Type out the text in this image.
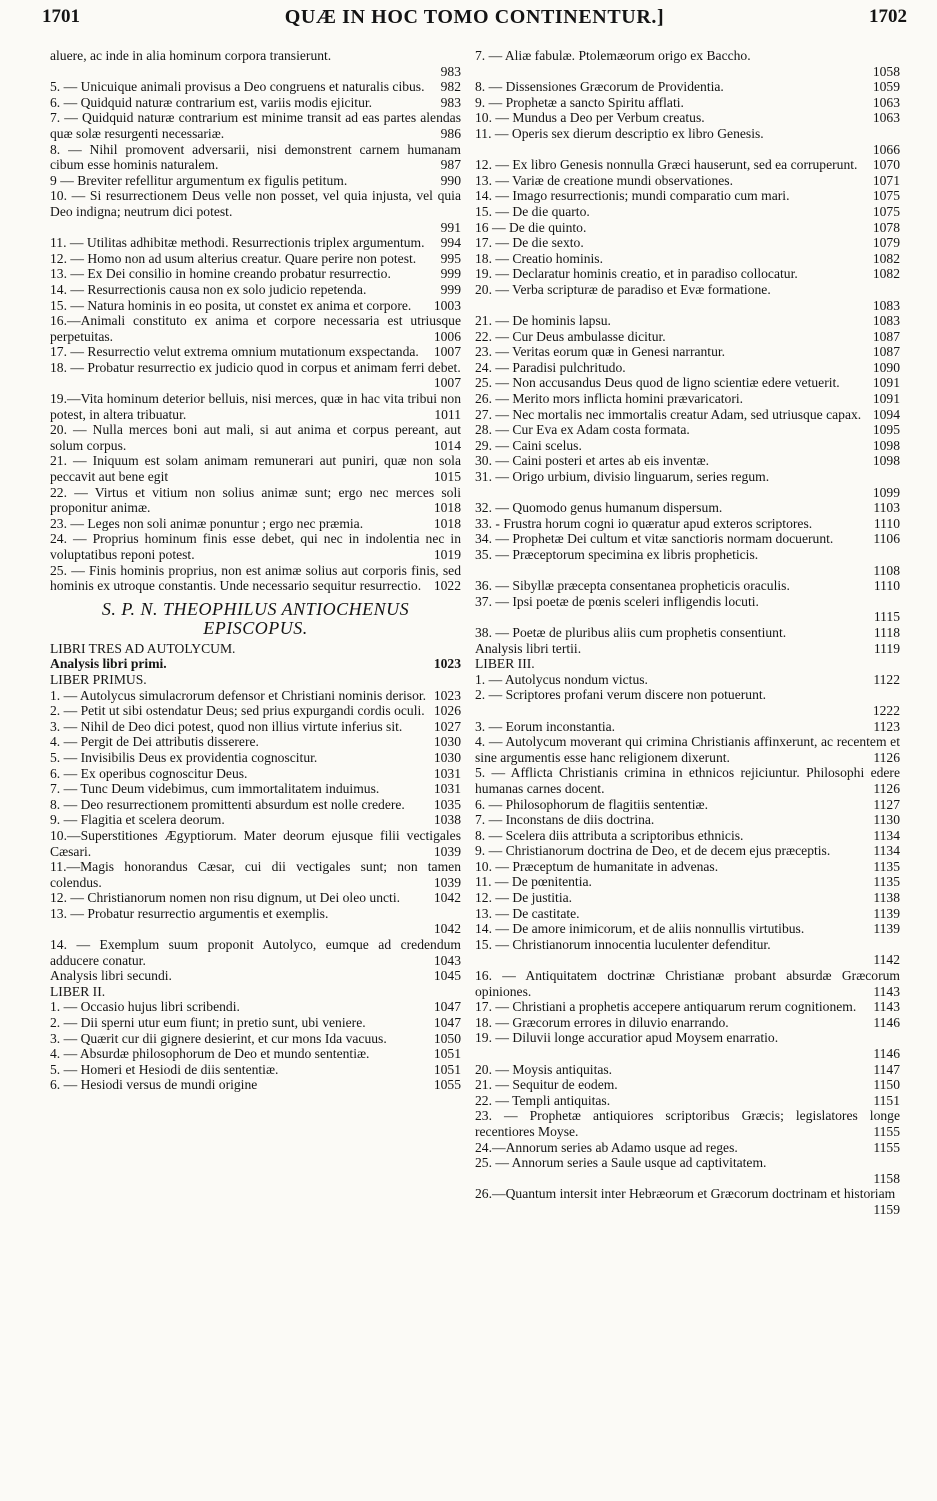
1701	QUÆ IN HOC TOMO CONTINENTUR.]	1702
aluere, ac inde in alia hominum corpora transierunt.
983
5. — Unicuique animali provisus a Deo congruens et naturalis cibus.	982
6. — Quidquid naturæ contrarium est, variis modis ejicitur.	983
7. — Quidquid naturæ contrarium est minime transit ad eas partes alendas quæ solæ resurgenti necessariæ.	986
8. — Nihil promovent adversarii, nisi demonstrent carnem humanam cibum esse hominis naturalem.	987
9 — Breviter refellitur argumentum ex figulis petitum.	990
10. — Si resurrectionem Deus velle non posset, vel quia injusta, vel quia Deo indigna; neutrum dici potest.
991
11. — Utilitas adhibitæ methodi. Resurrectionis triplex argumentum.	994
12. — Homo non ad usum alterius creatur. Quare perire non potest.	995
13. — Ex Dei consilio in homine creando probatur resurrectio.	999
14. — Resurrectionis causa non ex solo judicio repetenda.	999
15. — Natura hominis in eo posita, ut constet ex anima et corpore.	1003
16.—Animali constituto ex anima et corpore necessaria est utriusque perpetuitas.	1006
17. — Resurrectio velut extrema omnium mutationum exspectanda.	1007
18. — Probatur resurrectio ex judicio quod in corpus et animam ferri debet.
1007
19.—Vita hominum deterior belluis, nisi merces, quæ in hac vita tribui non potest, in altera tribuatur.	1011
20. — Nulla merces boni aut mali, si aut anima et corpus pereant, aut solum corpus.	1014
21. — Iniquum est solam animam remunerari aut puniri, quæ non sola peccavit aut bene egit	1015
22. — Virtus et vitium non solius animæ sunt; ergo nec merces soli proponitur animæ.	1018
23. — Leges non soli animæ ponuntur ; ergo nec præmia.	1018
24. — Proprius hominum finis esse debet, qui nec in indolentia nec in voluptatibus reponi potest.	1019
25. — Finis hominis proprius, non est animæ solius aut corporis finis, sed hominis ex utroque constantis. Unde necessario sequitur resurrectio. 1022
S. P. N. THEOPHILUS ANTIOCHENUS EPISCOPUS.
LIBRI TRES AD AUTOLYCUM.
Analysis libri primi.	1023
LIBER PRIMUS.
1. — Autolycus simulacrorum defensor et Christiani nominis derisor. 1023
2. — Petit ut sibi ostendatur Deus; sed prius expurgandi cordis oculi. 1026
3. — Nihil de Deo dici potest, quod non illius virtute inferius sit.	1027
4. — Pergit de Dei attributis disserere.	1030
5. — Invisibilis Deus ex providentia cognoscitur.	1030
6. — Ex operibus cognoscitur Deus.	1031
7. — Tunc Deum videbimus, cum immortalitatem induimus.	1031
8. — Deo resurrectionem promittenti absurdum est nolle credere.	1035
9. — Flagitia et scelera deorum.	1038
10.—Superstitiones Ægyptiorum. Mater deorum ejusque filii vectigales Cæsari.	1039
11.—Magis honorandus Cæsar, cui dii vectigales sunt; non tamen colendus.	1039
12. — Christianorum nomen non risu dignum, ut Dei oleo uncti.	1042
13. — Probatur resurrectio argumentis et exemplis.
1042
14. — Exemplum suum proponit Autolyco, eumque ad credendum adducere conatur.	1043
Analysis libri secundi.	1045
LIBER II.
1. — Occasio hujus libri scribendi.	1047
2. — Dii sperni utur eum fiunt; in pretio sunt, ubi veniere.	1047
3. — Quærit cur dii gignere desierint, et cur mons Ida vacuus.	1050
4. — Absurdæ philosophorum de Deo et mundo sententiæ.	1051
5. — Homeri et Hesiodi de diis sententiæ.	1051
6. — Hesiodi versus de mundi origine	1055
7. — Aliæ fabulæ. Ptolemæorum origo ex Baccho.
1058
8. — Dissensiones Græcorum de Providentia.	1059
9. — Prophetæ a sancto Spiritu afflati.	1063
10. — Mundus a Deo per Verbum creatus.	1063
11. — Operis sex dierum descriptio ex libro Genesis.
1066
12. — Ex libro Genesis nonnulla Græci hauserunt, sed ea corruperunt.	1070
13. — Variæ de creatione mundi observationes.	1071
14. — Imago resurrectionis; mundi comparatio cum mari.	1075
15. — De die quarto.	1075
16 — De die quinto.	1078
17. — De die sexto.	1079
18. — Creatio hominis.	1082
19. — Declaratur hominis creatio, et in paradiso collocatur.	1082
20. — Verba scripturæ de paradiso et Evæ formatione.
1083
21. — De hominis lapsu.	1083
22. — Cur Deus ambulasse dicitur.	1087
23. — Veritas eorum quæ in Genesi narrantur.	1087
24. — Paradisi pulchritudo.	1090
25. — Non accusandus Deus quod de ligno scientiæ edere vetuerit.	1091
26. — Merito mors inflicta homini prævaricatori.	1091
27. — Nec mortalis nec immortalis creatur Adam, sed utriusque capax. 1094
28. — Cur Eva ex Adam costa formata.	1095
29. — Caini scelus.	1098
30. — Caini posteri et artes ab eis inventæ.	1098
31. — Origo urbium, divisio linguarum, series regum.
1099
32. — Quomodo genus humanum dispersum.	1103
33. - Frustra horum cogni io quæratur apud exteros scriptores.	1110
34. — Prophetæ Dei cultum et vitæ sanctioris normam docuerunt.	1106
35. — Præceptorum specimina ex libris propheticis.
1108
36. — Sibyllæ præcepta consentanea propheticis oraculis.	1110
37. — Ipsi poetæ de pœnis sceleri infligendis locuti.
1115
38. — Poetæ de pluribus aliis cum prophetis consentiunt.	1118
Analysis libri tertii.	1119
LIBER III.
1. — Autolycus nondum victus.	1122
2. — Scriptores profani verum discere non potuerunt.
1222
3. — Eorum inconstantia.	1123
4. — Autolycum moverant qui crimina Christianis affinxerunt, ac recentem et sine argumentis esse hanc religionem dixerunt.	1126
5. — Afflicta Christianis crimina in ethnicos rejiciuntur. Philosophi edere humanas carnes docent.	1126
6. — Philosophorum de flagitiis sententiæ.	1127
7. — Inconstans de diis doctrina.	1130
8. — Scelera diis attributa a scriptoribus ethnicis.	1134
9. — Christianorum doctrina de Deo, et de decem ejus præceptis.	1134
10. — Præceptum de humanitate in advenas.	1135
11. — De pœnitentia.	1135
12. — De justitia.	1138
13. — De castitate.	1139
14. — De amore inimicorum, et de aliis nonnullis virtutibus.	1139
15. — Christianorum innocentia luculenter defenditur.
1142
16. — Antiquitatem doctrinæ Christianæ probant absurdæ Græcorum opiniones.	1143
17. — Christiani a prophetis accepere antiquarum rerum cognitionem.	1143
18. — Græcorum errores in diluvio enarrando.	1146
19. — Diluvii longe accuratior apud Moysem enarratio.
1146
20. — Moysis antiquitas.	1147
21. — Sequitur de eodem.	1150
22. — Templi antiquitas.	1151
23. — Prophetæ antiquiores scriptoribus Græcis; legislatores longe recentiores Moyse.	1155
24.—Annorum series ab Adamo usque ad reges.	1155
25. — Annorum series a Saule usque ad captivitatem.
1158
26.—Quantum intersit inter Hebræorum et Græcorum doctrinam et historiam
1159
